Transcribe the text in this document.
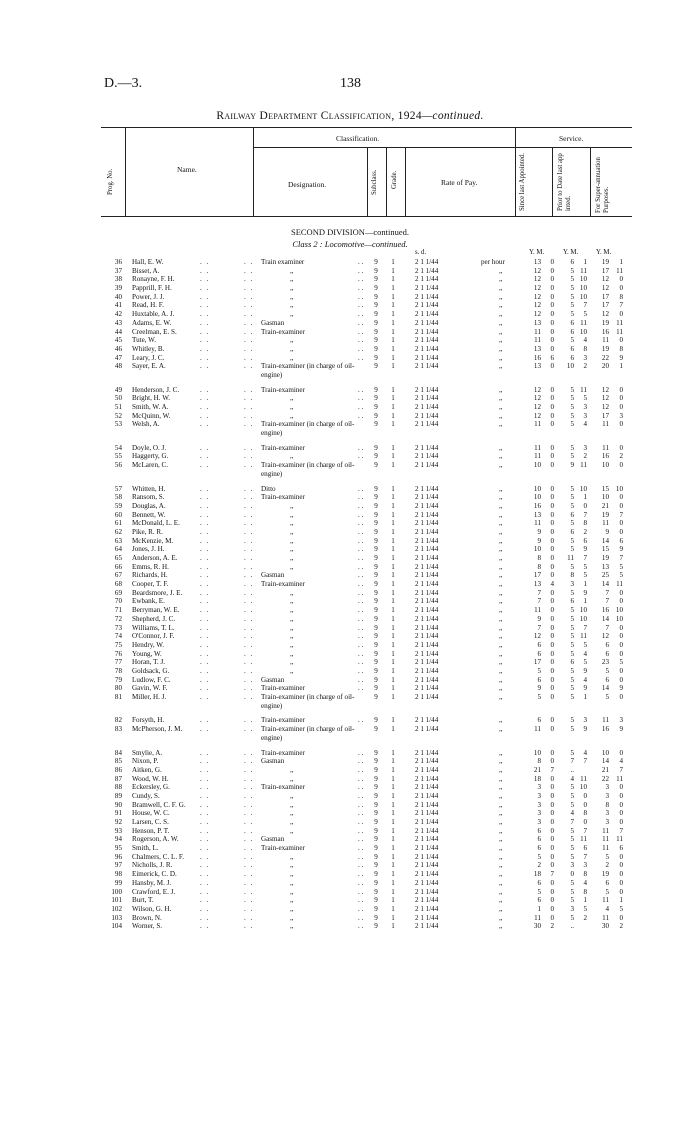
D.—3.	138
Railway Department Classification, 1924—continued.
Prog. No.	Name.
Classification.
Designation.	Subclass. Grade.	Rate of Pay.
Service.
Since last Appointed.	Prior to Date last app inted.	For Super-annuation Purposes.
SECOND DIVISION—continued.
Class 2 : Locomotive—continued.
s. d.	Y. M.	Y. M.	Y. M.
36 Hall, E. W.	. .	. . Train examiner	. .	9	1	2 1 1/44	per hour	13	0	6	1	19	1
37 Bisset, A.	. .	. .	,,	. .	9	1	2 1 1/44	,,	12	0	5 11	17	11
38 Ronayne, F. H.	. .	. .	,,	. .	9	1	2 1 1/44	,,	12	0	5 10	12	0
39 Papprill, F. H.	. .	. .	,,	. .	9	1	2 1 1/44	,,	12	0	5 10	12	0
40 Power, J. J.	. .	. .	,,	. .	9	1	2 1 1/44	,,	12	0	5 10	17	8
41 Read, H. F.	. .	. .	,,	. .	9	1	2 1 1/44	,,	12	0	5	7	17	7
42 Huxtable, A. J.	. .	. .	,,	. .	9	1	2 1 1/44	,,	12	0	5	5	12	0
43 Adams, E. W.	. .	. . Gasman	. .	9	1	2 1 1/44	,,	13	0	6 11	19	11
44 Creelman, E. S.	. .	. . Train-examiner	. .	9	1	2 1 1/44	,,	11	0	6 10	16	11
45 Tute, W.	. .	. .	,,	. .	9	1	2 1 1/44	,,	11	0	5	4	11	0
46 Whitley, B.	. .	. .	,,	. .	9	1	2 1 1/44	,,	13	0	6	8	19	8
47 Leary, J. C.	. .	. .	,,	. .	9	1	2 1 1/44	,,	16	6	6	3	22	9
48 Sayer, E. A.	. .	. . Train-examiner (in charge of oil-engine)
9	1	2 1 1/44	,,	13	0	10	2	20	1
49 Henderson, J. C.	. .	. . Train-examiner	. .	9	1	2 1 1/44	,,	12	0	5 11	12	0
50 Bright, H. W.	. .	. .	,,	. .	9	1	2 1 1/44	,,	12	0	5	5	12	0
51 Smith, W. A.	. .	. .	,,	. .	9	1	2 1 1/44	,,	12	0	5	3	12	0
52 McQuinn, W.	. .	. .	,,	. .	9	1	2 1 1/44	,,	12	0	5	3	17	3
53 Welsh, A.	. .	. . Train-examiner (in charge of oil-engine)
9	1	2 1 1/44	,,	11	0	5	4	11	0
54 Doyle, O. J.	. .	. . Train-examiner	. .	9	1	2 1 1/44	,,	11	0	5	3	11	0
55 Haggerty, G.	. .	. .	,,	. .	9	1	2 1 1/44	,,	11	0	5	2	16	2
56 McLaren, C.	. .	. . Train-examiner (in charge of oil-engine)
9	1	2 1 1/44	,,	10	0	9 11	10	0
57 Whitten, H.	. .	. . Ditto	. .	9	1	2 1 1/44	,,	10	0	5 10	15 10
58 Ransom, S.	. .	. . Train-examiner	. .	9	1	2 1 1/44	,,	10	0	5	1	10	0
59 Douglas, A.	. .	. .	,,	. .	9	1	2 1 1/44	,,	16	0	5	0	21	0
60 Bennett, W.	. .	. .	,,	. .	9	1	2 1 1/44	,,	13	0	6	7	19	7
61 McDonald, L. E.	. .	. .	,,	. .	9	1	2 1 1/44	,,	11	0	5	8	11	0
62 Pike, R. R.	. .	. .	,,	. .	9	1	2 1 1/44	,,	9	0	6	2	9	0
63 McKenzie, M.	. .	. .	,,	. .	9	1	2 1 1/44	,,	9	0	5	6	14	6
64 Jones, J. H.	. .	. .	,,	. .	9	1	2 1 1/44	,,	10	0	5	9	15	9
65 Anderson, A. E.	. .	. .	,,	. .	9	1	2 1 1/44	,,	8	0	11	7	19	7
66 Emms, R. H.	. .	. .	,,	. .	9	1	2 1 1/44	,,	8	0	5	5	13	5
67 Richards, H.	. .	. . Gasman	. .	9	1	2 1 1/44	,,	17	0	8	5	25	5
68 Cooper, T. F.	. .	. . Train-examiner	. .	9	1	2 1 1/44	,,	13	4	3	1	14	11
69 Beardsmore, J. E.	. .	. .	,,	. .	9	1	2 1 1/44	,,	7	0	5	9	7	0
70 Ewbank, E.	. .	. .	,,	. .	9	1	2 1 1/44	,,	7	0	6	1	7	0
71 Berryman, W. E.	. .	. .	,,	. .	9	1	2 1 1/44	,,	11	0	5 10	16 10
72 Shepherd, J. C.	. .	. .	,,	. .	9	1	2 1 1/44	,,	9	0	5 10	14 10
73 Williams, T. L.	. .	. .	,,	. .	9	1	2 1 1/44	,,	7	0	5	7	7	0
74 O'Connor, J. F.	. .	. .	,,	. .	9	1	2 1 1/44	,,	12	0	5 11	12	0
75 Hendry, W.	. .	. .	,,	. .	9	1	2 1 1/44	,,	6	0	5	5	6	0
76 Young, W.	. .	. .	,,	. .	9	1	2 1 1/44	,,	6	0	5	4	6	0
77 Horan, T. J.	. .	. .	,,	. .	9	1	2 1 1/44	,,	17	0	6	5	23	5
78 Goldsack, G.	. .	. .	,,	. .	9	1	2 1 1/44	,,	5	0	5	9	5	0
79 Ludlow, F. C.	. .	. . Gasman	. .	9	1	2 1 1/44	,,	6	0	5	4	6	0
80 Gavin, W. F.	. .	. . Train-examiner	. .	9	1	2 1 1/44	,,	9	0	5	9	14	9
81 Miller, H. J.	. .	. . Train-examiner (in charge of oil-engine)
9	1	2 1 1/44	,,	5	0	5	1	5	0
82 Forsyth, H.	. .	. . Train-examiner	. .	9	1	2 1 1/44	,,	6	0	5	3	11	3
83 McPherson, J. M.	. .	. . Train-examiner (in charge of oil-engine)
9	1	2 1 1/44	,,	11	0	5	9	16	9
84 Smylie, A.	. .	. . Train-examiner	. .	9	1	2 1 1/44	,,	10	0	5	4	10	0
85 Nixon, P.	. .	. . Gasman	. .	9	1	2 1 1/44	,,	8	0	7	7	14	4
86 Aitken, G.	. .	. .	,,	. .	9	1	2 1 1/44	,,	21	7	..	21	7
87 Wood, W. H.	. .	. .	,,	. .	9	1	2 1 1/44	,,	18	0	4 11	22	11
88 Eckersley, G.	. .	. . Train-examiner	. .	9	1	2 1 1/44	,,	3	0	5 10	3	0
89 Cundy, S.	. .	. .	,,	. .	9	1	2 1 1/44	,,	3	0	5	0	3	0
90 Bramwell, C. F. G. . .	. .	,,	. .	9	1	2 1 1/44	,,	3	0	5	0	8	0
91 House, W. C.	. .	. .	,,	. .	9	1	2 1 1/44	,,	3	0	4	8	3	0
92 Larsen, C. S.	. .	. .	,,	. .	9	1	2 1 1/44	,,	3	0	7	0	3	0
93 Henson, P. T.	. .	. .	,,	. .	9	1	2 1 1/44	,,	6	0	5	7	11	7
94 Rogerson, A. W.	. .	. . Gasman	. .	9	1	2 1 1/44	,,	6	0	5 11	11	11
95 Smith, L.	. .	. . Train-examiner	. .	9	1	2 1 1/44	,,	6	0	5	6	11	6
96 Chalmers, C. L. F. . .	. .	,,	. .	9	1	2 1 1/44	,,	5	0	5	7	5	0
97 Nicholls, J. R.	. .	. .	,,	. .	9	1	2 1 1/44	,,	2	0	3	3	2	0
98 Eimerick, C. D.	. .	. .	,,	. .	9	1	2 1 1/44	,,	18	7	0	8	19	0
99 Hansby, M. J.	. .	. .	,,	. .	9	1	2 1 1/44	,,	6	0	5	4	6	0
100 Crawford, E. J.	. .	. .	,,	. .	9	1	2 1 1/44	,,	5	0	5	8	5	0
101 Burt, T.	. .	. .	,,	. .	9	1	2 1 1/44	,,	6	0	5	1	11	1
102 Wilson, G. H.	. .	. .	,,	. .	9	1	2 1 1/44	,,	1	0	3	5	4	5
103 Brown, N.	. .	. .	,,	. .	9	1	2 1 1/44	,,	11	0	5	2	11	0
104 Worner, S.	. .	. .	,,	. .	9	1	2 1 1/44	,,	30	2	..	30	2
